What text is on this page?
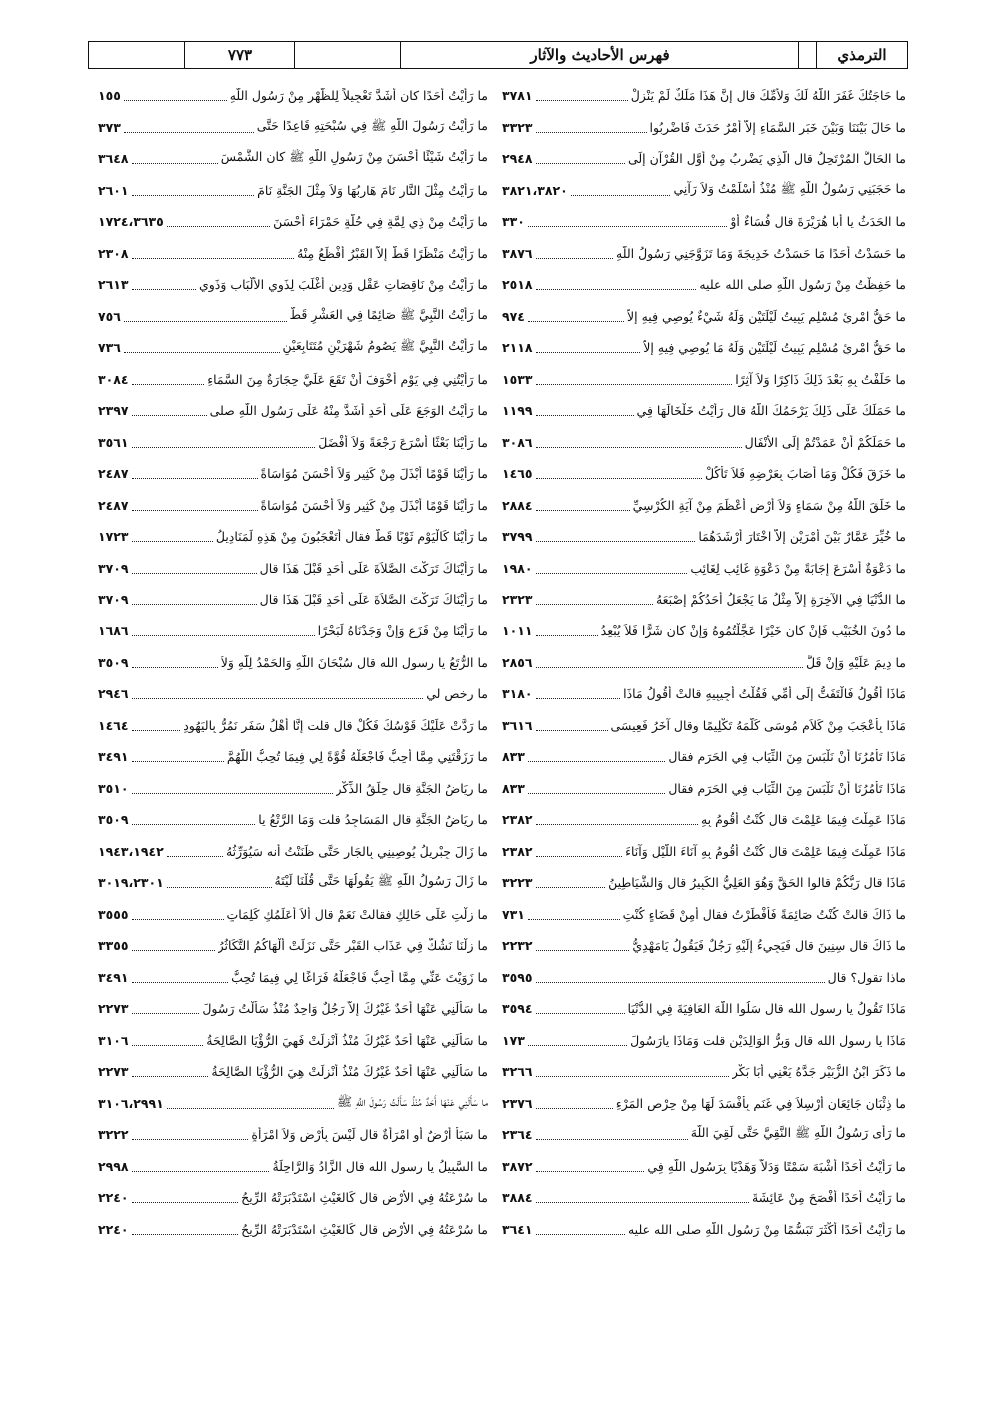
الترمذي
فهرس الأحاديث والآثار
٧٧٣
ما حَاجَتُكَ غَفَرَ اللَّهُ لَكَ وَلأُمِّكَ قال إنَّ هَذَا مَلَكٌ لَمْ يَنْزِلْ
٣٧٨١
ما حَالَ بَيْنَنَا وَبَيْنَ خَبَرِ السَّمَاءِ إِلاَّ أَمْرٌ حَدَثَ فَاضْرِبُوا
٣٣٢٣
ما الحَالُّ المُرْتَحِلُ قال الَّذِي يَضْرِبُ مِنْ أَوَّلِ القُرْآنِ إِلَى
٢٩٤٨
ما حَجَبَنِي رَسُولُ اللَّهِ ﷺ مُنْذُ أَسْلَمْتُ وَلاَ رَآنِي
٣٨٢١،٣٨٢٠
ما الحَدَثُ يا أبا هُرَيْرَةَ قال فُسَاءٌ أَوْ
٣٣٠
ما حَسَدْتُ أَحَدًا مَا حَسَدْتُ خَدِيجَةَ وَمَا تَزَوَّجَنِي رَسُولُ اللَّهِ
٣٨٧٦
ما حَفِظْتُ مِنْ رَسُولِ اللَّهِ صلى الله عليه
٢٥١٨
ما حَقُّ امْرِئٍ مُسْلِمٍ يَبِيتُ لَيْلَتَيْنِ وَلَهُ شَيْءٌ يُوصِي فِيهِ إِلاَّ
٩٧٤
ما حَقُّ امْرِئٍ مُسْلِمٍ يَبِيتُ لَيْلَتَيْنِ وَلَهُ مَا يُوصِي فِيهِ إِلاَّ
٢١١٨
ما حَلَفْتُ بِهِ بَعْدَ ذَلِكَ ذَاكِرًا وَلاَ آثِرًا
١٥٣٣
ما حَمَلَكَ عَلَى ذَلِكَ يَرْحَمُكَ اللَّهُ قال رَأَيْتُ خَلْخَالَهَا فِي
١١٩٩
ما حَمَلَكُمْ أَنْ عَمَدْتُمْ إِلَى الأَنْفَالِ
٣٠٨٦
ما خَزَقَ فَكُلْ وَمَا أَصَابَ بِعَرْضِهِ فَلاَ تَأْكُلْ
١٤٦٥
ما خَلَقَ اللَّهُ مِنْ سَمَاءٍ وَلاَ أَرْضٍ أَعْظَمَ مِنْ آيَةِ الكُرْسِيِّ
٢٨٨٤
ما خُيِّرَ عَمَّارٌ بَيْنَ أَمْرَيْنِ إِلاَّ اخْتَارَ أَرْشَدَهُمَا
٣٧٩٩
ما دَعْوَةٌ أَسْرَعَ إِجَابَةً مِنْ دَعْوَةِ غَائِبٍ لِغَائِبٍ
١٩٨٠
ما الدُّنْيَا فِي الآخِرَةِ إِلاَّ مِثْلُ مَا يَجْعَلُ أَحَدُكُمْ إِصْبَعَهُ
٢٣٢٣
ما دُونَ الخُبَيْبِ فَإِنْ كان خَيْرًا عَجَّلْتُمُوهُ وَإِنْ كان شَرًّا فَلاَ يُبْعِدُ
١٠١١
ما دِيمَ عَلَيْهِ وَإِنْ قَلَّ
٢٨٥٦
مَاذَا أَقُولُ فَالْتَفَتُّ إِلَى أُمِّي فَقُلْتُ أَجِيبِيهِ قالتْ أَقُولُ مَاذَا
٣١٨٠
مَاذَا بِأَعْجَبَ مِنْ كَلاَمِ مُوسَى كَلَّمَهُ تَكْلِيمًا وقال آخَرُ فَعِيسَى
٣٦١٦
مَاذَا تَأْمُرُنَا أَنْ نَلْبَسَ مِنَ الثِّيَابِ فِي الحَرَمِ فقال
٨٣٣
مَاذَا تَأْمُرُنَا أَنْ نَلْبَسَ مِنَ الثِّيَابِ فِي الحَرَمِ فقال
٨٣٣
مَاذَا عَمِلْتَ فِيمَا عَلِمْتَ قال كُنْتُ أَقُومُ بِهِ
٢٣٨٢
مَاذَا عَمِلْتَ فِيمَا عَلِمْتَ قال كُنْتُ أَقُومُ بِهِ آنَاءَ اللَّيْلِ وَآنَاءَ
٢٣٨٢
مَاذَا قال رَبُّكُمْ قالوا الحَقَّ وَهُوَ العَلِيُّ الكَبِيرُ قال وَالشَّيَاطِينُ
٣٢٢٣
ما ذَاكَ قالتْ كُنْتُ صَائِمَةً فَأَفْطَرْتُ فقال أَمِنْ قَضَاءٍ كُنْتِ
٧٣١
ما ذَاكَ قال سِنِينَ قال فَيَجِيءُ إِلَيْهِ رَجُلٌ فَيَقُولُ يَامَهْدِيُّ
٢٢٣٢
ماذا تقول؟ قال
٣٥٩٥
مَاذَا تَقُولُ يا رسول الله قال سَلُوا اللَّهَ العَافِيَةَ فِي الدُّنْيَا
٣٥٩٤
مَاذَا يا رسول الله قال وَبِرُّ الوَالِدَيْنِ قلت وَمَاذَا يارَسُولَ
١٧٣
ما ذَكَرَ ابْنُ الزُّبَيْرِ جَدَّهُ يَعْنِي أَبَا بَكْرٍ
٣٢٦٦
ما ذِئْبَانِ جَائِعَانِ أُرْسِلاَ فِي غَنَمٍ بِأَفْسَدَ لَهَا مِنْ حِرْصِ المَرْءِ
٢٣٧٦
ما رَأَى رَسُولُ اللَّهِ ﷺ النَّقِيَّ حَتَّى لَقِيَ اللَّهَ
٢٣٦٤
ما رَأَيْتُ أَحَدًا أَشْبَهَ سَمْتًا وَدَلاًّ وَهَدْيًا بِرَسُولِ اللَّهِ فِي
٣٨٧٢
ما رَأَيْتُ أَحَدًا أَفْصَحَ مِنْ عَائِشَةَ
٣٨٨٤
ما رَأَيْتُ أَحَدًا أَكْثَرَ تَبَسُّمًا مِنْ رَسُولِ اللَّهِ صلى الله عليه
٣٦٤١
ما رَأَيْتُ أَحَدًا كان أَشَدَّ تَعْجِيلاً لِلظُّهْرِ مِنْ رَسُولِ اللَّهِ
١٥٥
ما رَأَيْتُ رَسُولَ اللَّهِ ﷺ فِي سُبْحَتِهِ قَاعِدًا حَتَّى
٣٧٣
ما رَأَيْتُ شَيْئًا أَحْسَنَ مِنْ رَسُولِ اللَّهِ ﷺ كان الشَّمْسَ
٣٦٤٨
ما رَأَيْتُ مِثْلَ النَّارِ نَامَ هَارِبُهَا وَلاَ مِثْلَ الجَنَّةِ نَامَ
٢٦٠١
ما رَأَيْتُ مِنْ ذِي لِمَّةٍ فِي حُلَّةٍ حَمْرَاءَ أَحْسَنَ
١٧٢٤،٣٦٣٥
ما رَأَيْتُ مَنْظَرًا قَطُّ إِلاَّ القَبْرُ أَفْظَعُ مِنْهُ
٢٣٠٨
ما رَأَيْتُ مِنْ نَاقِصَاتِ عَقْلٍ وَدِينٍ أَغْلَبَ لِذَوِي الأَلْبَابِ وَذَوِي
٢٦١٣
ما رَأَيْتُ النَّبِيَّ ﷺ صَائِمًا فِي العَشْرِ قَطُّ
٧٥٦
ما رَأَيْتُ النَّبِيَّ ﷺ يَصُومُ شَهْرَيْنِ مُتَتَابِعَيْنِ
٧٣٦
ما رَأَيْتُنِي فِي يَوْمٍ أَخْوَفَ أَنْ تَقَعَ عَلَيَّ حِجَارَةٌ مِنَ السَّمَاءِ
٣٠٨٤
ما رَأَيْتُ الوَجَعَ عَلَى أَحَدٍ أَشَدَّ مِنْهُ عَلَى رَسُولِ اللَّهِ صلى
٢٣٩٧
ما رَأَيْنَا بَعْثًا أَسْرَعَ رَجْعَةً وَلاَ أَفْضَلَ
٣٥٦١
ما رَأَيْنَا قَوْمًا أَبْذَلَ مِنْ كَثِيرٍ وَلاَ أَحْسَنَ مُوَاسَاةً
٢٤٨٧
ما رَأَيْنَا قَوْمًا أَبْذَلَ مِنْ كَثِيرٍ وَلاَ أَحْسَنَ مُوَاسَاةً
٢٤٨٧
ما رَأَيْنَا كَالْيَوْمِ ثَوْبًا قَطُّ فقال أَتَعْجَبُونَ مِنْ هَذِهِ لَمَنَادِيلُ
١٧٢٣
ما رَأَيْنَاكَ تَرَكْتَ الصَّلاَةَ عَلَى أَحَدٍ قَبْلَ هَذَا قال
٣٧٠٩
ما رَأَيْنَاكَ تَرَكْتَ الصَّلاَةَ عَلَى أَحَدٍ قَبْلَ هَذَا قال
٣٧٠٩
ما رَأَيْنَا مِنْ فَزَعٍ وَإِنْ وَجَدْنَاهُ لَبَحْرًا
١٦٨٦
ما الرُّتَعُ يا رسول الله قال سُبْحَانَ اللَّهِ وَالحَمْدُ لِلَّهِ وَلاَ
٣٥٠٩
ما رخص لي
٢٩٤٦
ما رَدَّتْ عَلَيْكَ قَوْسُكَ فَكُلْ قال قلت إِنَّا أَهْلُ سَفَرٍ نَمُرُّ بِاليَهُودِ
١٤٦٤
ما رَزَقْتَنِي مِمَّا أُحِبُّ فَاجْعَلْهُ قُوَّةً لِي فِيمَا تُحِبُّ اللَّهُمَّ
٣٤٩١
ما رِيَاضُ الجَنَّةِ قال حِلَقُ الذِّكْرِ
٣٥١٠
ما رِيَاضُ الجَنَّةِ قال المَسَاجِدُ قلت وَمَا الرَّتْعُ يا
٣٥٠٩
ما زَالَ جِبْرِيلُ يُوصِينِي بِالجَارِ حَتَّى ظَنَنْتُ أنه سَيُوَرِّثُهُ
١٩٤٣،١٩٤٢
ما زَالَ رَسُولُ اللَّهِ ﷺ يَقُولُهَا حَتَّى قُلْنَا لَيْتَهُ
٣٠١٩،٢٣٠١
ما زِلْتِ عَلَى حَالِكِ فقالتْ نَعَمْ قال أَلاَ أُعَلِّمُكِ كَلِمَاتٍ
٣٥٥٥
ما زِلْنَا نَشُكُّ فِي عَذَابِ القَبْرِ حَتَّى نَزَلَتْ أَلْهَاكُمُ التَّكَاثُرُ
٣٣٥٥
ما زَوَيْتَ عَنِّي مِمَّا أُحِبُّ فَاجْعَلْهُ فَرَاغًا لِي فِيمَا تُحِبُّ
٣٤٩١
ما سَأَلَنِي عَنْهَا أَحَدٌ غَيْرُكَ إِلاَّ رَجُلٌ وَاحِدٌ مُنْذُ سَأَلْتُ رَسُولَ
٢٢٧٣
ما سَأَلَنِي عَنْهَا أَحَدٌ غَيْرُكَ مُنْذُ أُنْزِلَتْ فَهِيَ الرُّؤْيَا الصَّالِحَةُ
٣١٠٦
ما سَأَلَنِي عَنْهَا أَحَدٌ غَيْرُكَ مُنْذُ أُنْزِلَتْ هِيَ الرُّؤْيَا الصَّالِحَةُ
٢٢٧٣
ما سَأَلَنِي عَنْهَا أَحَدٌ مُنْذُ سَأَلْتُ رَسُولَ اللَّهِ ﷺ
٣١٠٦،٢٩٩١
ما سَبَأٌ أَرْضٌ أَوِ امْرَأَةٌ قال لَيْسَ بِأَرْضٍ وَلاَ امْرَأَةٍ
٣٢٢٢
ما السَّبِيلُ يا رسول الله قال الزَّادُ وَالرَّاحِلَةُ
٢٩٩٨
ما سُرْعَتُهُ فِي الأَرْضِ قال كَالغَيْثِ اسْتَدْبَرَتْهُ الرِّيحُ
٢٢٤٠
ما سُرْعَتُهُ فِي الأَرْضِ قال كَالغَيْثِ اسْتَدْبَرَتْهُ الرِّيحُ
٢٢٤٠
